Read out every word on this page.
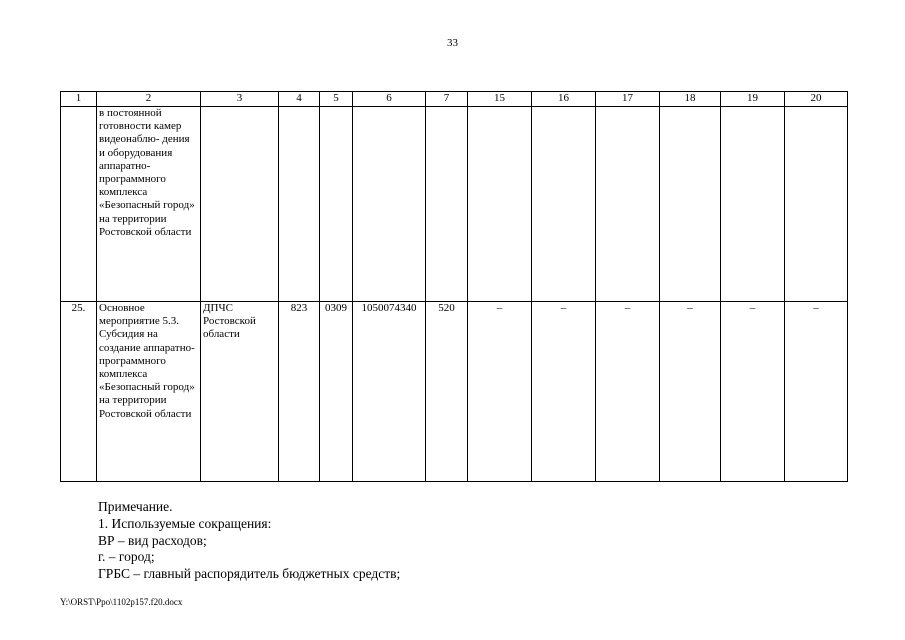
33
1	2	3	4	5	6	7	15	16	17	18	19	20
	в постоянной готовности камер видеонаблю- дения и оборудования аппаратно- программного комплекса «Безопасный город» на территории Ростовской области											
25.	Основное мероприятие 5.3. Субсидия на создание аппаратно- программного комплекса «Безопасный город» на территории Ростовской области	ДПЧС Ростовской области	823	0309	1050074340	520	–	–	–	–	–	–
Примечание.
1. Используемые сокращения:
ВР – вид расходов;
г. – город;
ГРБС – главный распорядитель бюджетных средств;
Y:\ORST\Ppo\1102p157.f20.docx
